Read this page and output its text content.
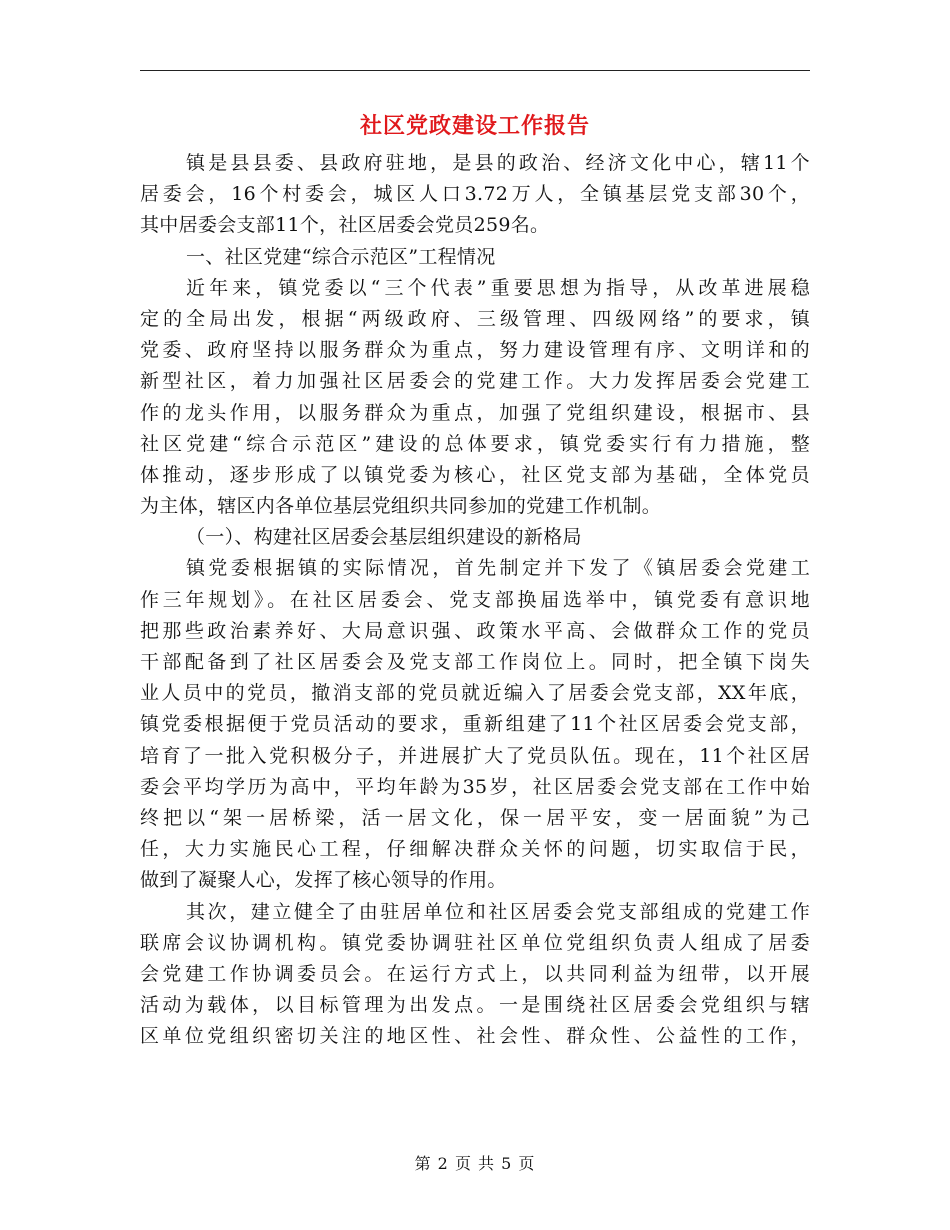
社区党政建设工作报告
镇是县县委、县政府驻地，是县的政治、经济文化中心，辖11个
居委会，16个村委会，城区人口3.72万人，全镇基层党支部30个，
其中居委会支部11个，社区居委会党员259名。
一、社区党建“综合示范区”工程情况
近年来，镇党委以“三个代表”重要思想为指导，从改革进展稳
定的全局出发，根据“两级政府、三级管理、四级网络”的要求，镇
党委、政府坚持以服务群众为重点，努力建设管理有序、文明详和的
新型社区，着力加强社区居委会的党建工作。大力发挥居委会党建工
作的龙头作用，以服务群众为重点，加强了党组织建设，根据市、县
社区党建“综合示范区”建设的总体要求，镇党委实行有力措施，整
体推动，逐步形成了以镇党委为核心，社区党支部为基础，全体党员
为主体，辖区内各单位基层党组织共同参加的党建工作机制。
（一）、构建社区居委会基层组织建设的新格局
镇党委根据镇的实际情况，首先制定并下发了《镇居委会党建工
作三年规划》。在社区居委会、党支部换届选举中，镇党委有意识地
把那些政治素养好、大局意识强、政策水平高、会做群众工作的党员
干部配备到了社区居委会及党支部工作岗位上。同时，把全镇下岗失
业人员中的党员，撤消支部的党员就近编入了居委会党支部，XX年底，
镇党委根据便于党员活动的要求，重新组建了11个社区居委会党支部，
培育了一批入党积极分子，并进展扩大了党员队伍。现在，11个社区居
委会平均学历为高中，平均年龄为35岁，社区居委会党支部在工作中始
终把以“架一居桥梁，活一居文化，保一居平安，变一居面貌”为己
任，大力实施民心工程，仔细解决群众关怀的问题，切实取信于民，
做到了凝聚人心，发挥了核心领导的作用。
其次，建立健全了由驻居单位和社区居委会党支部组成的党建工作
联席会议协调机构。镇党委协调驻社区单位党组织负责人组成了居委
会党建工作协调委员会。在运行方式上，以共同利益为纽带，以开展
活动为载体，以目标管理为出发点。一是围绕社区居委会党组织与辖
区单位党组织密切关注的地区性、社会性、群众性、公益性的工作，
第 2 页 共 5 页
